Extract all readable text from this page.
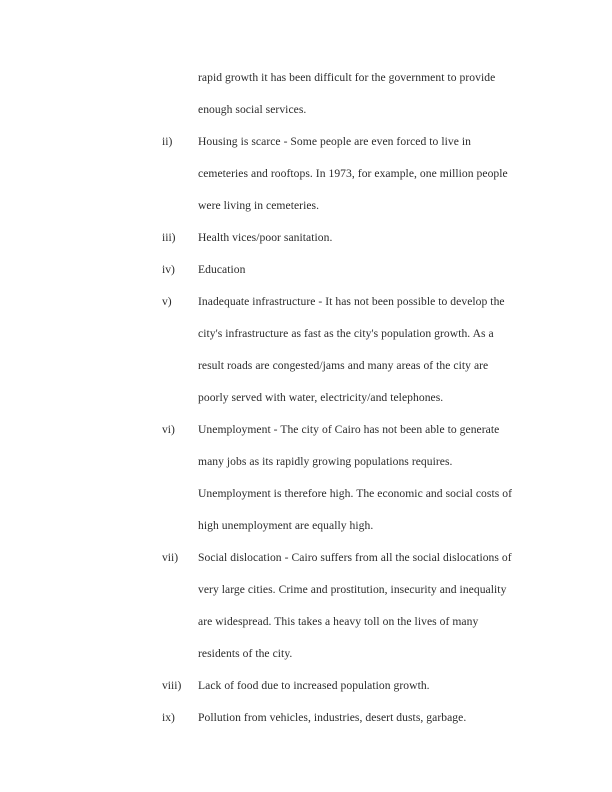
rapid growth it has been difficult for the government to provide
enough social services.
ii)	Housing is scarce - Some people are even forced to live in
cemeteries and rooftops. In 1973, for example, one million people
were living in cemeteries.
iii)	Health vices/poor sanitation.
iv)	Education
v)	Inadequate infrastructure - It has not been possible to develop the
city's infrastructure as fast as the city's population growth. As a
result roads are congested/jams and many areas of the city are
poorly served with water, electricity/and telephones.
vi)	Unemployment - The city of Cairo has not been able to generate
many jobs as its rapidly growing populations requires.
Unemployment is therefore high. The economic and social costs of
high unemployment are equally high.
vii)	Social dislocation - Cairo suffers from all the social dislocations of
very large cities. Crime and prostitution, insecurity and inequality
are widespread. This takes a heavy toll on the lives of many
residents of the city.
viii)	Lack of food due to increased population growth.
ix)	Pollution from vehicles, industries, desert dusts, garbage.
